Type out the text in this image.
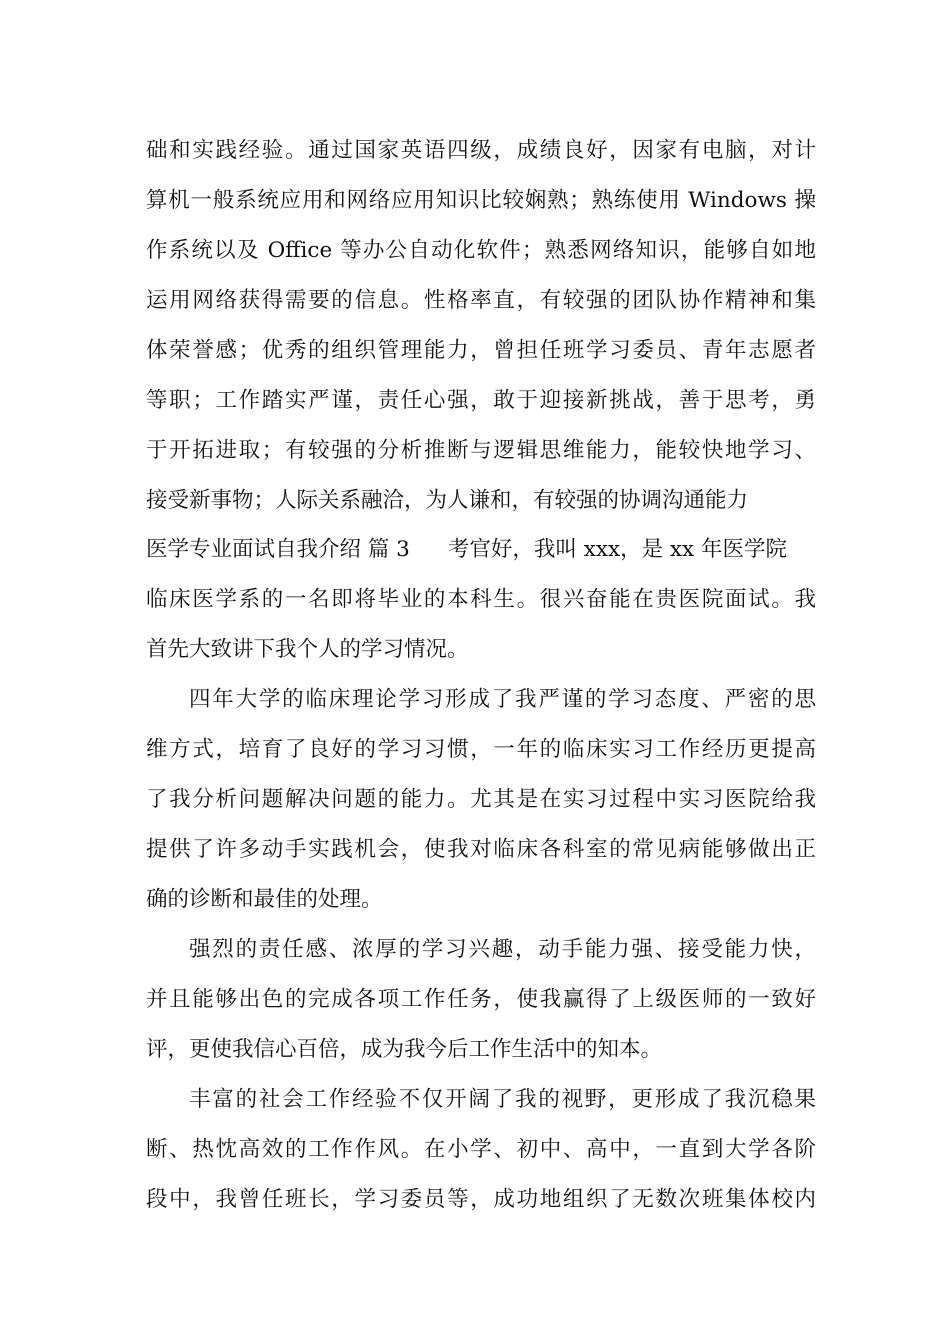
础和实践经验。通过国家英语四级，成绩良好，因家有电脑，对计
算机一般系统应用和网络应用知识比较娴熟；熟练使用 Windows 操
作系统以及 Office 等办公自动化软件；熟悉网络知识，能够自如地
运用网络获得需要的信息。性格率直，有较强的团队协作精神和集
体荣誉感；优秀的组织管理能力，曾担任班学习委员、青年志愿者
等职；工作踏实严谨，责任心强，敢于迎接新挑战，善于思考，勇
于开拓进取；有较强的分析推断与逻辑思维能力，能较快地学习、
接受新事物；人际关系融洽，为人谦和，有较强的协调沟通能力
医学专业面试自我介绍 篇 3 考官好，我叫 xxx，是 xx 年医学院
临床医学系的一名即将毕业的本科生。很兴奋能在贵医院面试。我
首先大致讲下我个人的学习情况。
四年大学的临床理论学习形成了我严谨的学习态度、严密的思
维方式，培育了良好的学习习惯，一年的临床实习工作经历更提高
了我分析问题解决问题的能力。尤其是在实习过程中实习医院给我
提供了许多动手实践机会，使我对临床各科室的常见病能够做出正
确的诊断和最佳的处理。
强烈的责任感、浓厚的学习兴趣，动手能力强、接受能力快，
并且能够出色的完成各项工作任务，使我赢得了上级医师的一致好
评，更使我信心百倍，成为我今后工作生活中的知本。
丰富的社会工作经验不仅开阔了我的视野，更形成了我沉稳果
断、热忱高效的工作作风。在小学、初中、高中，一直到大学各阶
段中，我曾任班长，学习委员等，成功地组织了无数次班集体校内
